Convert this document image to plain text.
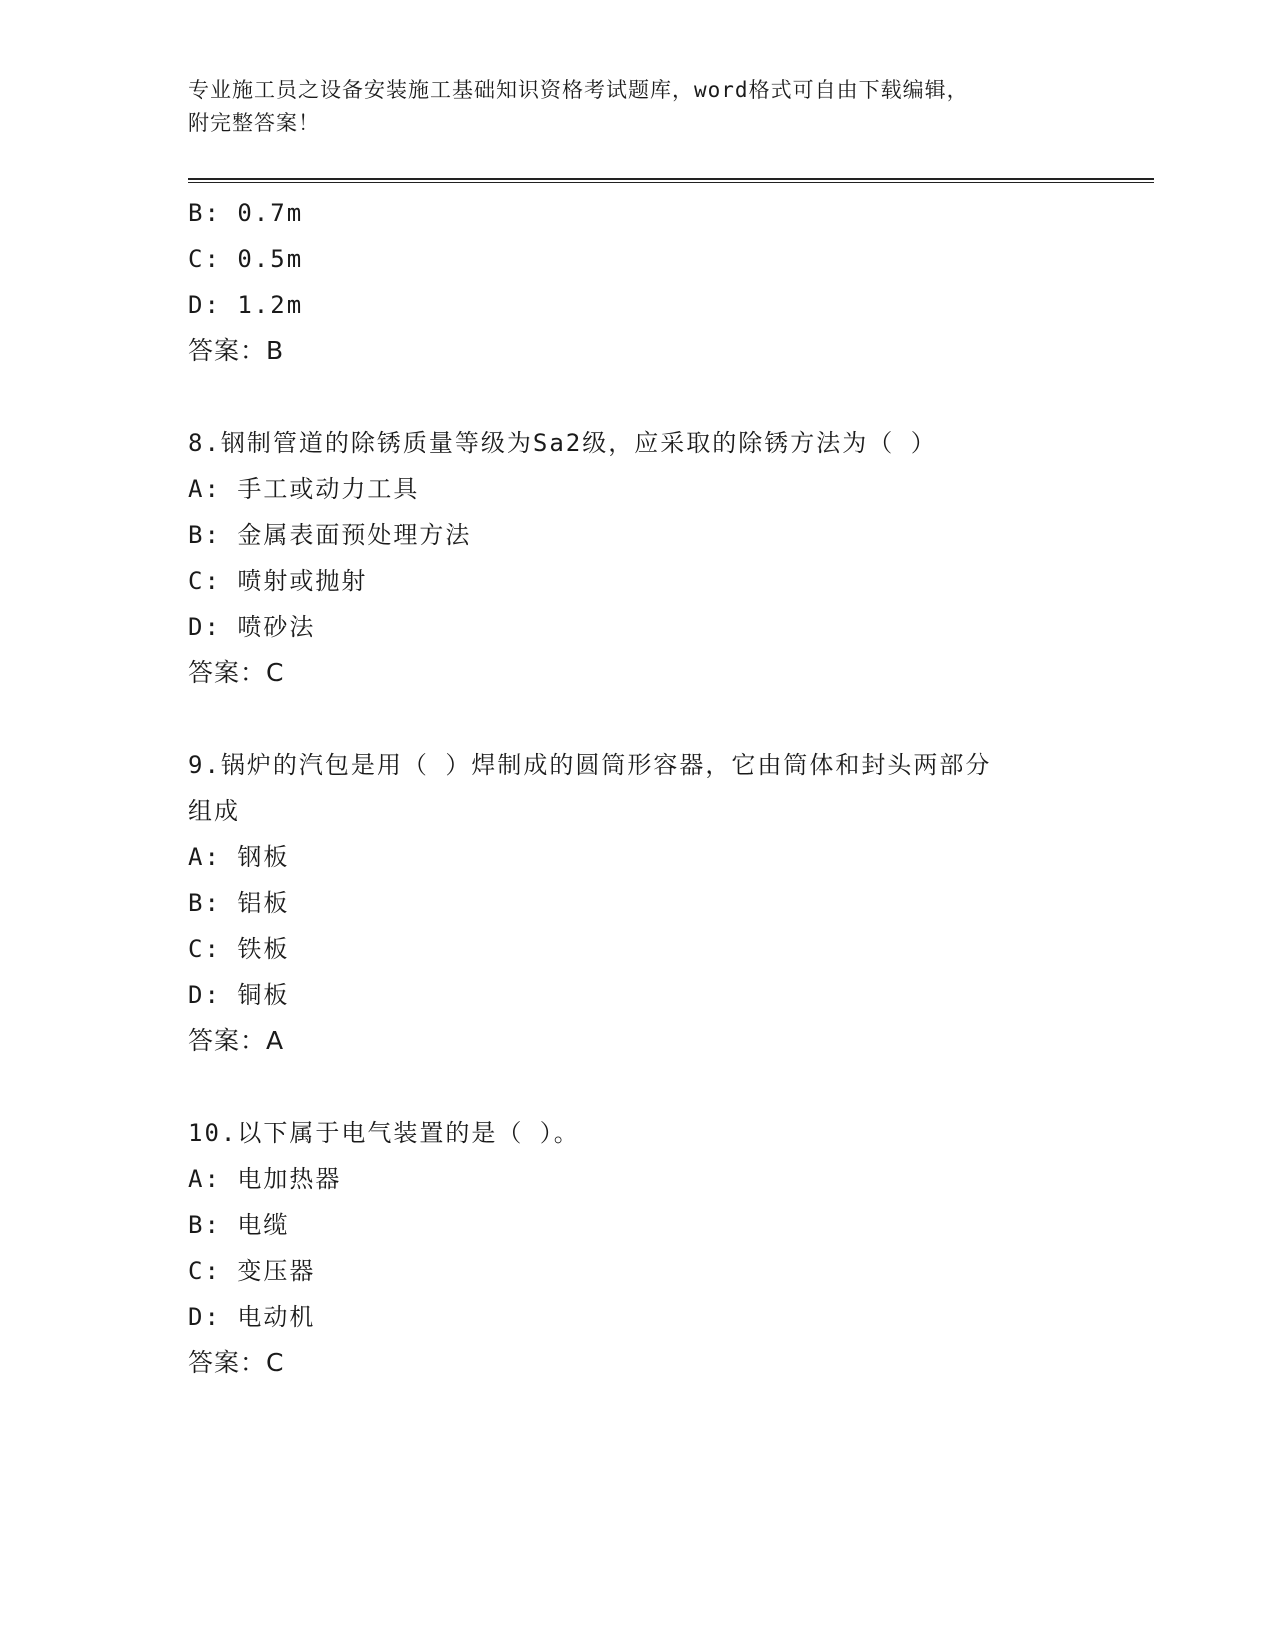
专业施工员之设备安装施工基础知识资格考试题库，word格式可自由下载编辑，
附完整答案！
B: 0.7m
C: 0.5m
D: 1.2m
答案：B
8.钢制管道的除锈质量等级为Sa2级，应采取的除锈方法为（ ）
A: 手工或动力工具
B: 金属表面预处理方法
C: 喷射或抛射
D: 喷砂法
答案：C
9.锅炉的汽包是用（ ）焊制成的圆筒形容器，它由筒体和封头两部分
组成
A: 钢板
B: 铝板
C: 铁板
D: 铜板
答案：A
10.以下属于电气装置的是（ ）。
A: 电加热器
B: 电缆
C: 变压器
D: 电动机
答案：C
